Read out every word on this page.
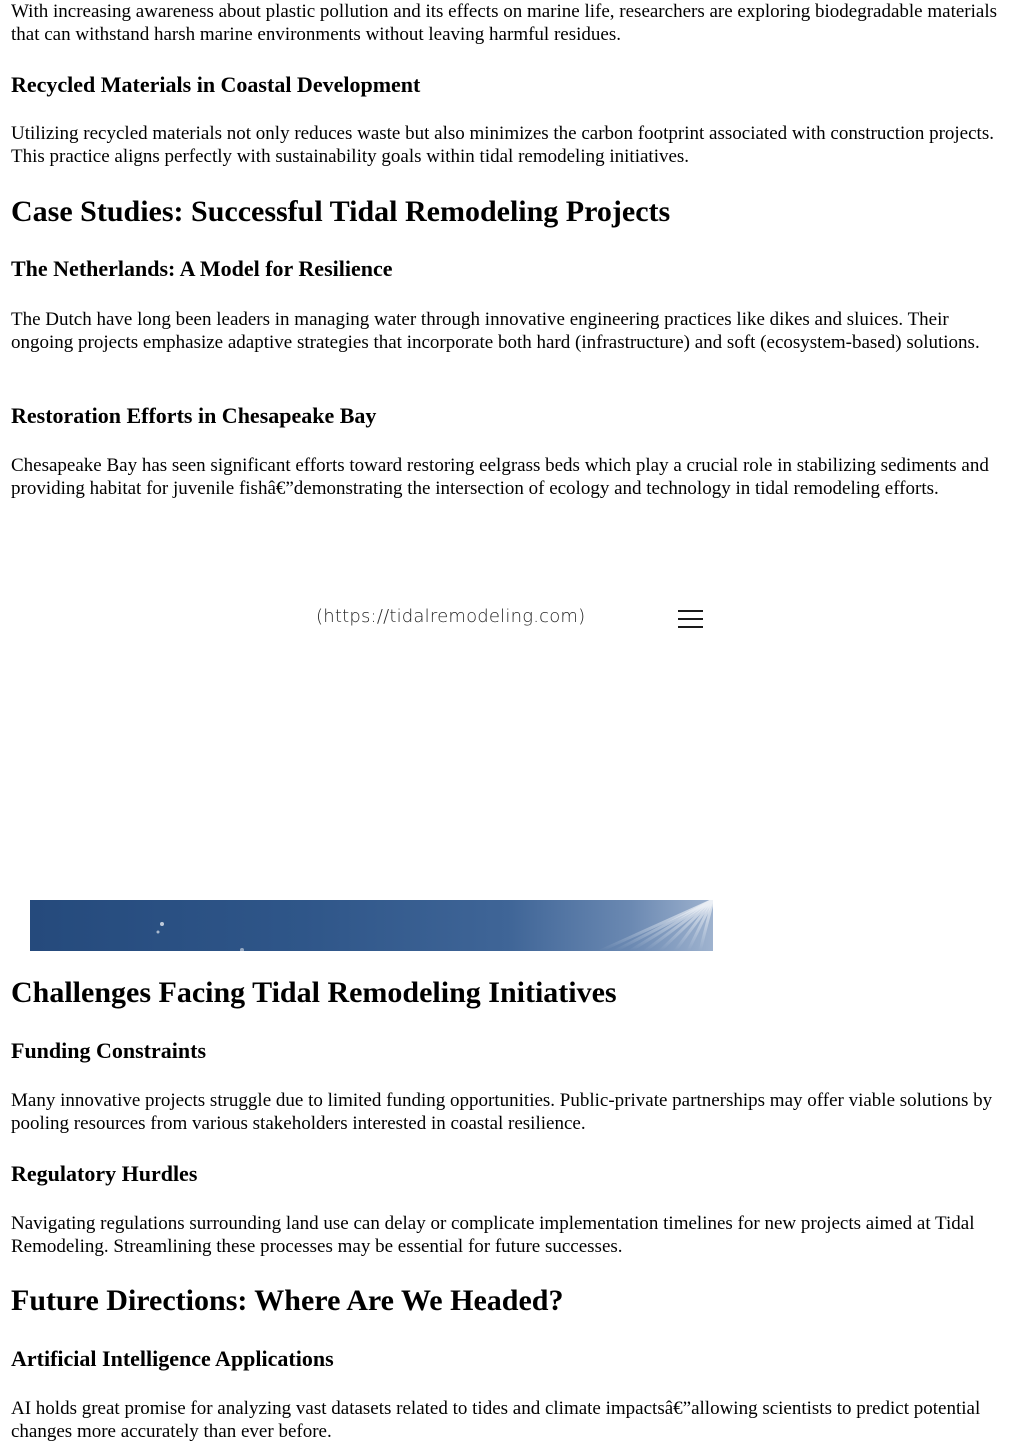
With increasing awareness about plastic pollution and its effects on marine life, researchers are exploring biodegradable materials that can withstand harsh marine environments without leaving harmful residues.

Recycled Materials in Coastal Development

Utilizing recycled materials not only reduces waste but also minimizes the carbon footprint associated with construction projects. This practice aligns perfectly with sustainability goals within tidal remodeling initiatives.

Case Studies: Successful Tidal Remodeling Projects
The Netherlands: A Model for Resilience

The Dutch have long been leaders in managing water through innovative engineering practices like dikes and sluices. Their ongoing projects emphasize adaptive strategies that incorporate both hard (infrastructure) and soft (ecosystem-based) solutions.

Restoration Efforts in Chesapeake Bay

Chesapeake Bay has seen significant efforts toward restoring eelgrass beds which play a crucial role in stabilizing sediments and providing habitat for juvenile fishâ€”demonstrating the intersection of ecology and technology in tidal remodeling efforts.

(https://tidalremodeling.com)
Challenges Facing Tidal Remodeling Initiatives
Funding Constraints

Many innovative projects struggle due to limited funding opportunities. Public-private partnerships may offer viable solutions by pooling resources from various stakeholders interested in coastal resilience.

Regulatory Hurdles

Navigating regulations surrounding land use can delay or complicate implementation timelines for new projects aimed at Tidal Remodeling. Streamlining these processes may be essential for future successes.

Future Directions: Where Are We Headed?
Artificial Intelligence Applications

AI holds great promise for analyzing vast datasets related to tides and climate impactsâ€”allowing scientists to predict potential changes more accurately than ever before.
